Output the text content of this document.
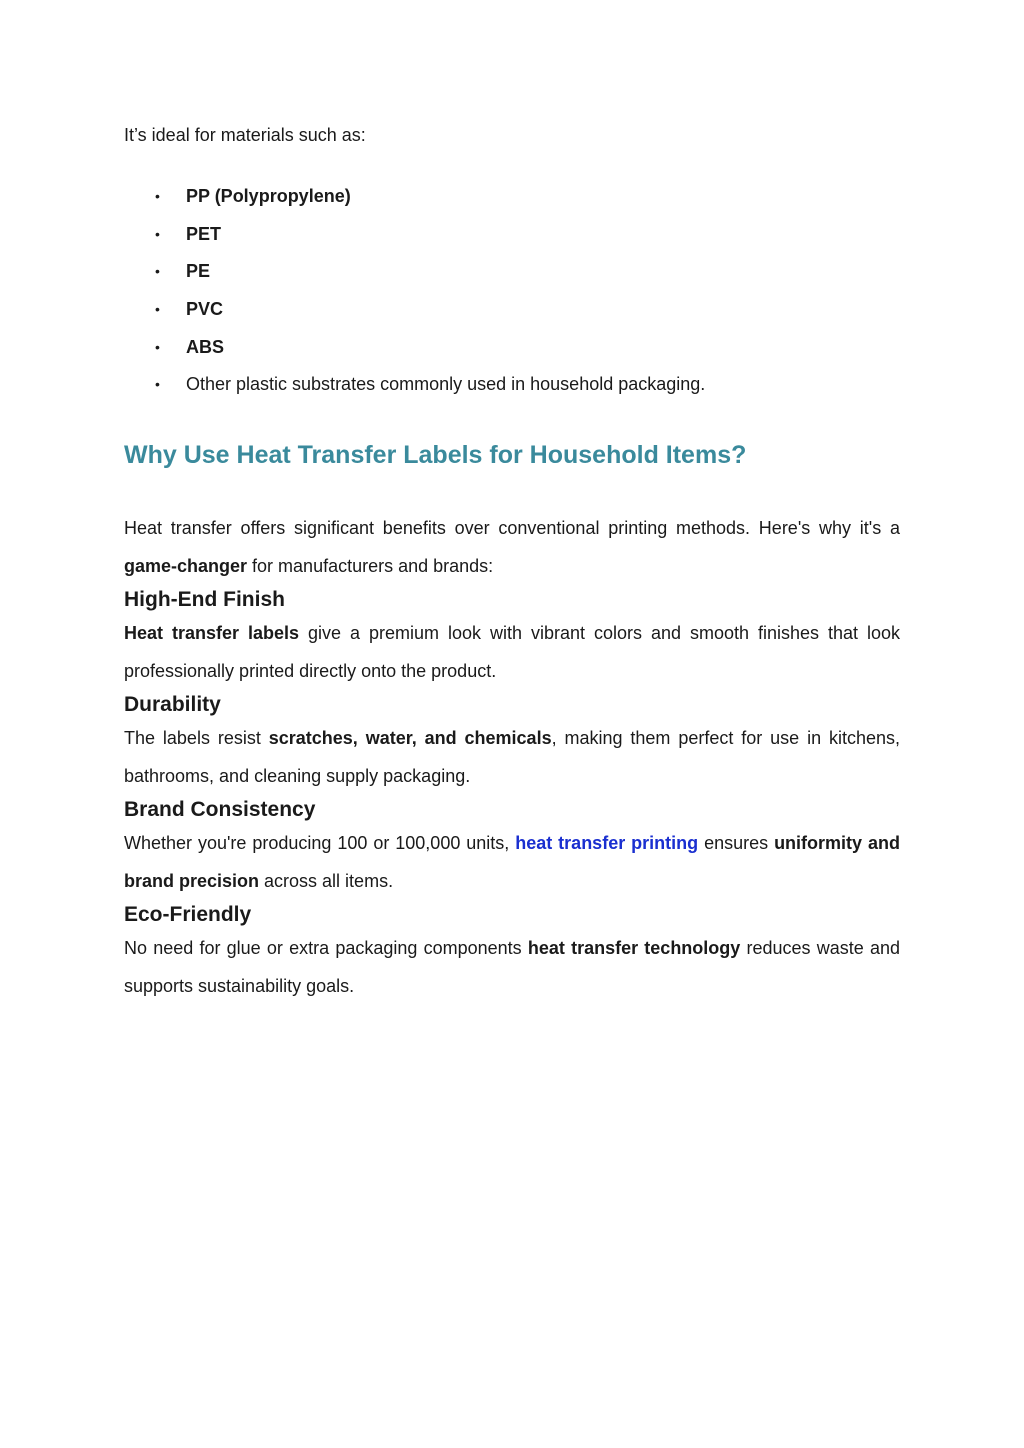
It’s ideal for materials such as:

• PP (Polypropylene)
• PET
• PE
• PVC
• ABS
• Other plastic substrates commonly used in household packaging.
Why Use Heat Transfer Labels for Household Items?

Heat transfer offers significant benefits over conventional printing methods. Here's why it's a game-changer for manufacturers and brands:

High-End Finish

Heat transfer labels give a premium look with vibrant colors and smooth finishes that look professionally printed directly onto the product.

Durability

The labels resist scratches, water, and chemicals, making them perfect for use in kitchens, bathrooms, and cleaning supply packaging.

Brand Consistency

Whether you're producing 100 or 100,000 units, heat transfer printing ensures uniformity and brand precision across all items.

Eco-Friendly

No need for glue or extra packaging components heat transfer technology reduces waste and supports sustainability goals.
